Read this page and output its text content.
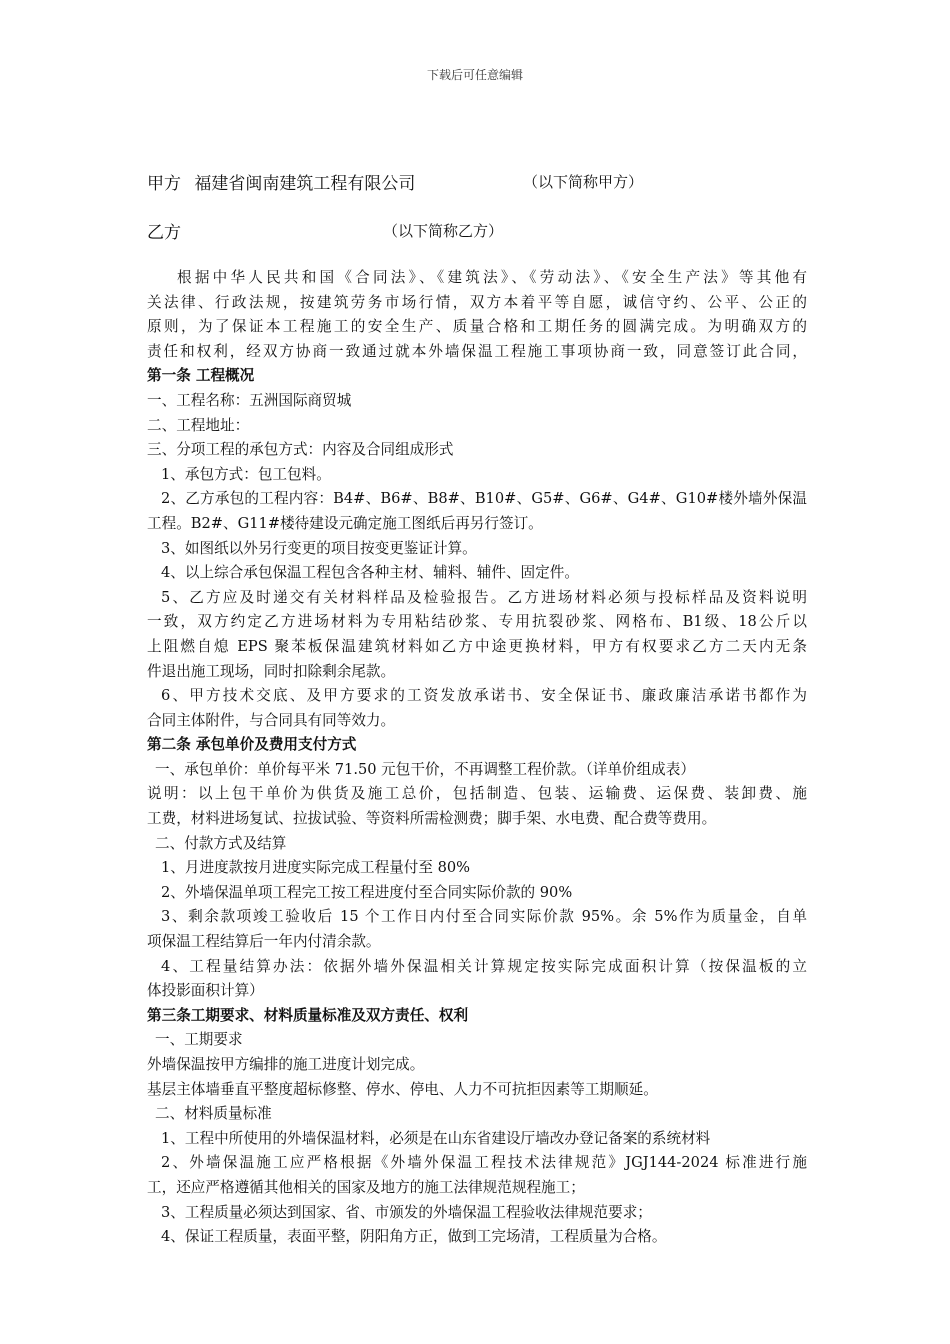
下载后可任意编辑
甲方 福建省闽南建筑工程有限公司	（以下简称甲方）
乙方	（以下简称乙方）

根据中华人民共和国《合同法》、《建筑法》、《劳动法》、《安全生产法》等其他有

关法律、行政法规，按建筑劳务市场行情，双方本着平等自愿，诚信守约、公平、公正的

原则，为了保证本工程施工的安全生产、质量合格和工期任务的圆满完成。为明确双方的

责任和权利，经双方协商一致通过就本外墙保温工程施工事项协商一致，同意签订此合同，

第一条 工程概况

一、工程名称：五洲国际商贸城

二、工程地址：

三、分项工程的承包方式：内容及合同组成形式

1、承包方式：包工包料。

2、乙方承包的工程内容：B4#、B6#、B8#、B10#、G5#、G6#、G4#、G10#楼外墙外保温

工程。B2#、G11#楼待建设元确定施工图纸后再另行签订。

3、如图纸以外另行变更的项目按变更鉴证计算。

4、以上综合承包保温工程包含各种主材、辅料、辅件、固定件。

5、乙方应及时递交有关材料样品及检验报告。乙方进场材料必须与投标样品及资料说明

一致，双方约定乙方进场材料为专用粘结砂浆、专用抗裂砂浆、网格布、B1级、18公斤以

上阻燃自熄 EPS 聚苯板保温建筑材料如乙方中途更换材料，甲方有权要求乙方二天内无条

件退出施工现场，同时扣除剩余尾款。

6、甲方技术交底、及甲方要求的工资发放承诺书、安全保证书、廉政廉洁承诺书都作为

合同主体附件，与合同具有同等效力。

第二条 承包单价及费用支付方式

一、承包单价：单价每平米 71.50 元包干价，不再调整工程价款。（详单价组成表）

说明：以上包干单价为供货及施工总价，包括制造、包装、运输费、运保费、装卸费、施

工费，材料进场复试、拉拔试验、等资料所需检测费；脚手架、水电费、配合费等费用。

二、付款方式及结算

1、月进度款按月进度实际完成工程量付至 80%

2、外墙保温单项工程完工按工程进度付至合同实际价款的 90%

3、剩余款项竣工验收后 15 个工作日内付至合同实际价款 95%。余 5%作为质量金，自单

项保温工程结算后一年内付清余款。

4、工程量结算办法：依据外墙外保温相关计算规定按实际完成面积计算（按保温板的立

体投影面积计算）

第三条工期要求、材料质量标准及双方责任、权利

一、工期要求

外墙保温按甲方编排的施工进度计划完成。

基层主体墙垂直平整度超标修整、停水、停电、人力不可抗拒因素等工期顺延。

二、材料质量标准

1、工程中所使用的外墙保温材料，必须是在山东省建设厅墙改办登记备案的系统材料

2、外墙保温施工应严格根据《外墙外保温工程技术法律规范》JGJ144-2024 标准进行施

工，还应严格遵循其他相关的国家及地方的施工法律规范规程施工；

3、工程质量必须达到国家、省、市颁发的外墙保温工程验收法律规范要求；

4、保证工程质量，表面平整，阴阳角方正，做到工完场清，工程质量为合格。
